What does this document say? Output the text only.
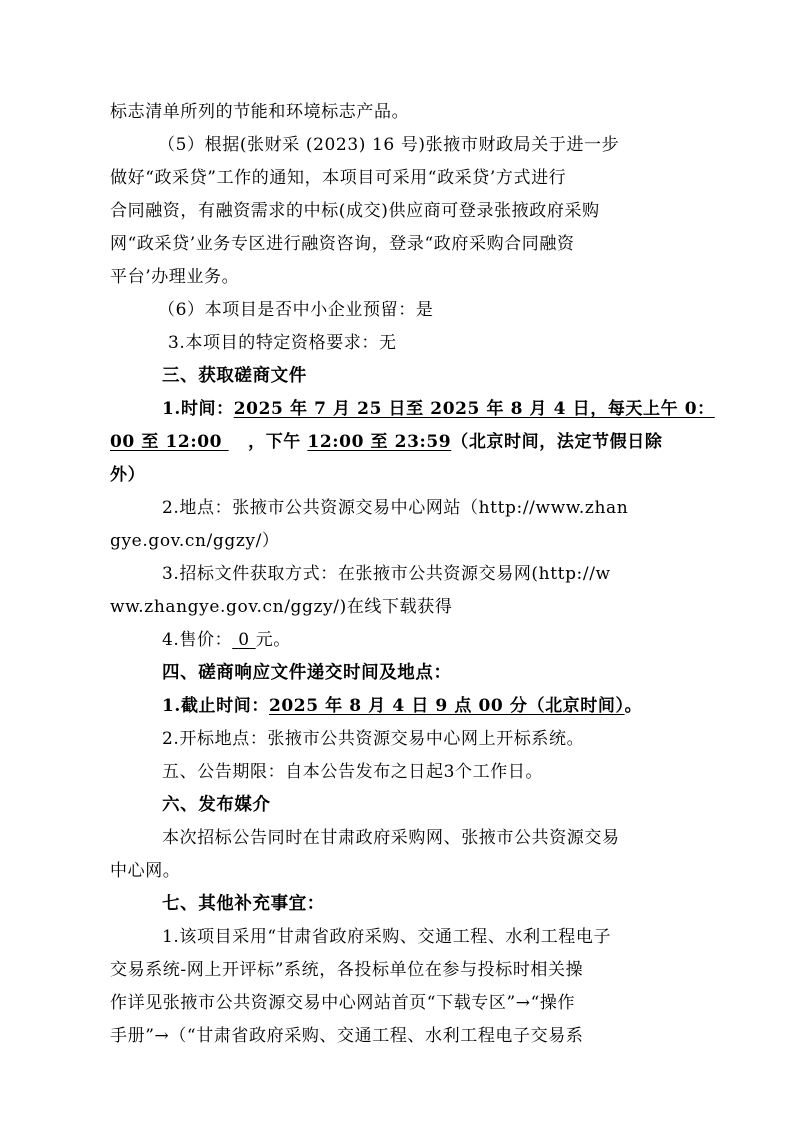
标志清单所列的节能和环境标志产品。
（5）根据(张财采 (2023) 16 号)张掖市财政局关于进一步
做好“政采贷”工作的通知，本项目可采用“政采贷’方式进行
合同融资，有融资需求的中标(成交)供应商可登录张掖政府采购
网“政采贷’业务专区进行融资咨询，登录“政府采购合同融资
平台’办理业务。
（6）本项目是否中小企业预留：是
3.本项目的特定资格要求：无
三、获取磋商文件
1.时间：2025 年 7 月 25 日至 2025 年 8 月 4 日，每天上午 0：
00 至 12:00 ，下午 12:00 至 23:59（北京时间，法定节假日除
外）
2.地点：张掖市公共资源交易中心网站（http://www.zhan
gye.gov.cn/ggzy/）
3.招标文件获取方式：在张掖市公共资源交易网(http://w
ww.zhangye.gov.cn/ggzy/)在线下载获得
4.售价： 0 元。
四、磋商响应文件递交时间及地点：
1.截止时间：2025 年 8 月 4 日 9 点 00 分（北京时间）。
2.开标地点：张掖市公共资源交易中心网上开标系统。
五、公告期限：自本公告发布之日起3个工作日。
六、发布媒介
本次招标公告同时在甘肃政府采购网、张掖市公共资源交易
中心网。
七、其他补充事宜：
1.该项目采用“甘肃省政府采购、交通工程、水利工程电子
交易系统-网上开评标”系统，各投标单位在参与投标时相关操
作详见张掖市公共资源交易中心网站首页“下载专区”→“操作
手册”→（“甘肃省政府采购、交通工程、水利工程电子交易系
